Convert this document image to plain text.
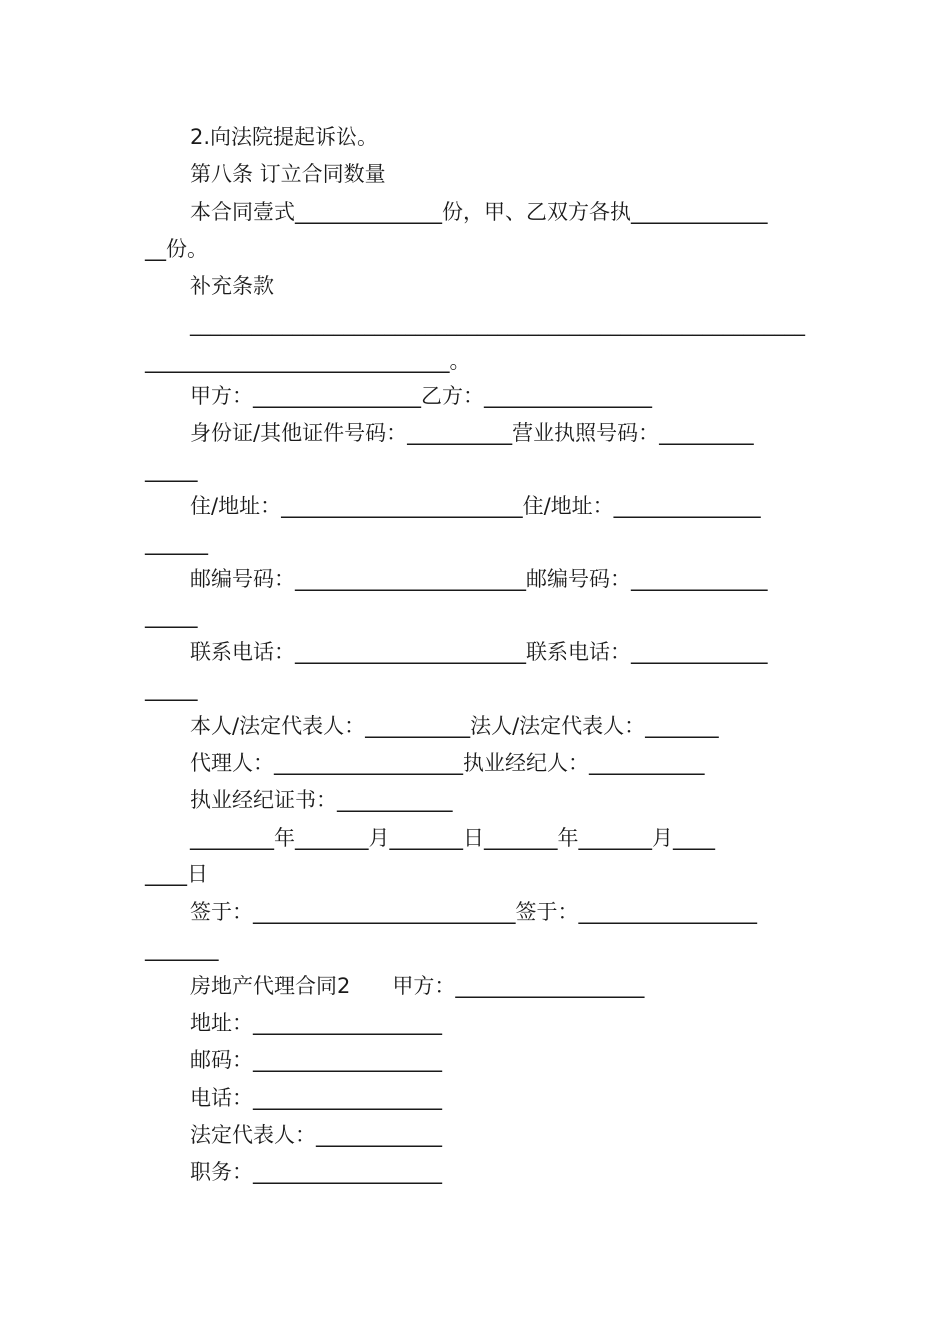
2.向法院提起诉讼。

第八条 订立合同数量

本合同壹式______________份，甲、乙双方各执_____________

__份。

补充条款

____________________________________________________________

_____________________________。

甲方：________________乙方：________________

身份证/其他证件号码：__________营业执照号码：_________

_____

住/地址：_______________________住/地址：______________

______

邮编号码：______________________邮编号码：_____________

_____

联系电话：______________________联系电话：_____________

_____

本人/法定代表人：__________法人/法定代表人：_______

代理人：__________________执业经纪人：___________

执业经纪证书：___________

________年_______月_______日_______年_______月____

____日

签于：_________________________签于：_________________

_______

房地产代理合同2　　甲方：__________________

地址：__________________

邮码：__________________

电话：__________________

法定代表人：____________

职务：__________________
